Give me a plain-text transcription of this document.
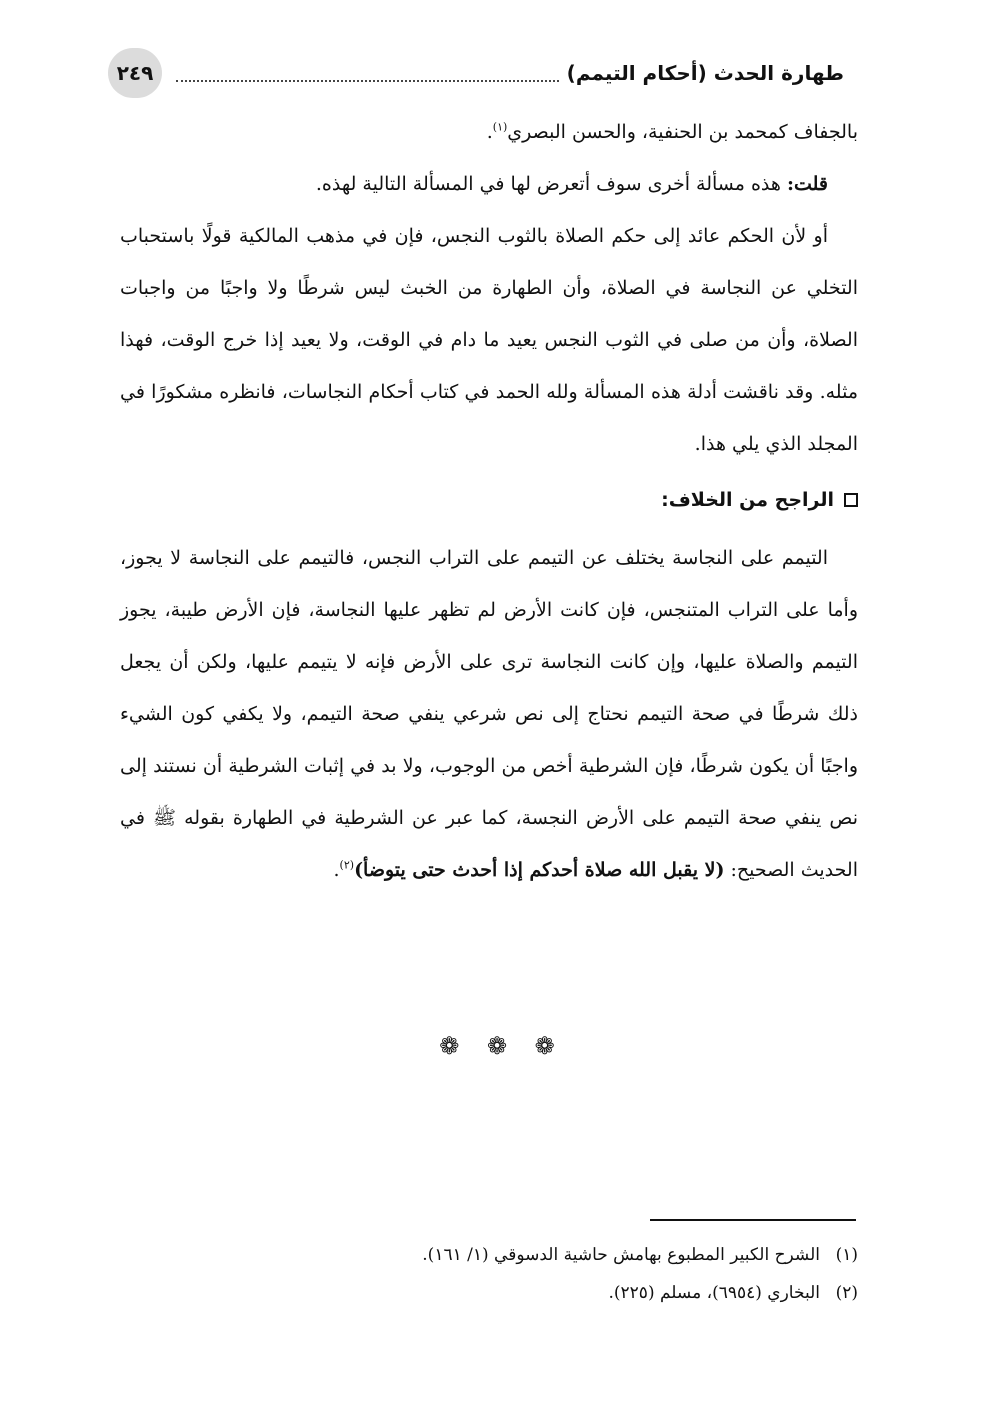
طهارة الحدث (أحكام التيمم)
٢٤٩

بالجفاف كمحمد بن الحنفية، والحسن البصري$^{(١)}$.

قلت: هذه مسألة أخرى سوف أتعرض لها في المسألة التالية لهذه.

أو لأن الحكم عائد إلى حكم الصلاة بالثوب النجس، فإن في مذهب المالكية قولًا باستحباب التخلي عن النجاسة في الصلاة، وأن الطهارة من الخبث ليس شرطًا ولا واجبًا من واجبات الصلاة، وأن من صلى في الثوب النجس يعيد ما دام في الوقت، ولا يعيد إذا خرج الوقت، فهذا مثله. وقد ناقشت أدلة هذه المسألة ولله الحمد في كتاب أحكام النجاسات، فانظره مشكورًا في المجلد الذي يلي هذا.

الراجح من الخلاف:

التيمم على النجاسة يختلف عن التيمم على التراب النجس، فالتيمم على النجاسة لا يجوز، وأما على التراب المتنجس، فإن كانت الأرض لم تظهر عليها النجاسة، فإن الأرض طيبة، يجوز التيمم والصلاة عليها، وإن كانت النجاسة ترى على الأرض فإنه لا يتيمم عليها، ولكن أن يجعل ذلك شرطًا في صحة التيمم نحتاج إلى نص شرعي ينفي صحة التيمم، ولا يكفي كون الشيء واجبًا أن يكون شرطًا، فإن الشرطية أخص من الوجوب، ولا بد في إثبات الشرطية أن نستند إلى نص ينفي صحة التيمم على الأرض النجسة، كما عبر عن الشرطية في الطهارة بقوله ﷺ في الحديث الصحيح: (لا يقبل الله صلاة أحدكم إذا أحدث حتى يتوضأ)$^{(٢)}$.

❁ ❁ ❁

(١)الشرح الكبير المطبوع بهامش حاشية الدسوقي (١/ ١٦١).

(٢)البخاري (٦٩٥٤)، مسلم (٢٢٥).
